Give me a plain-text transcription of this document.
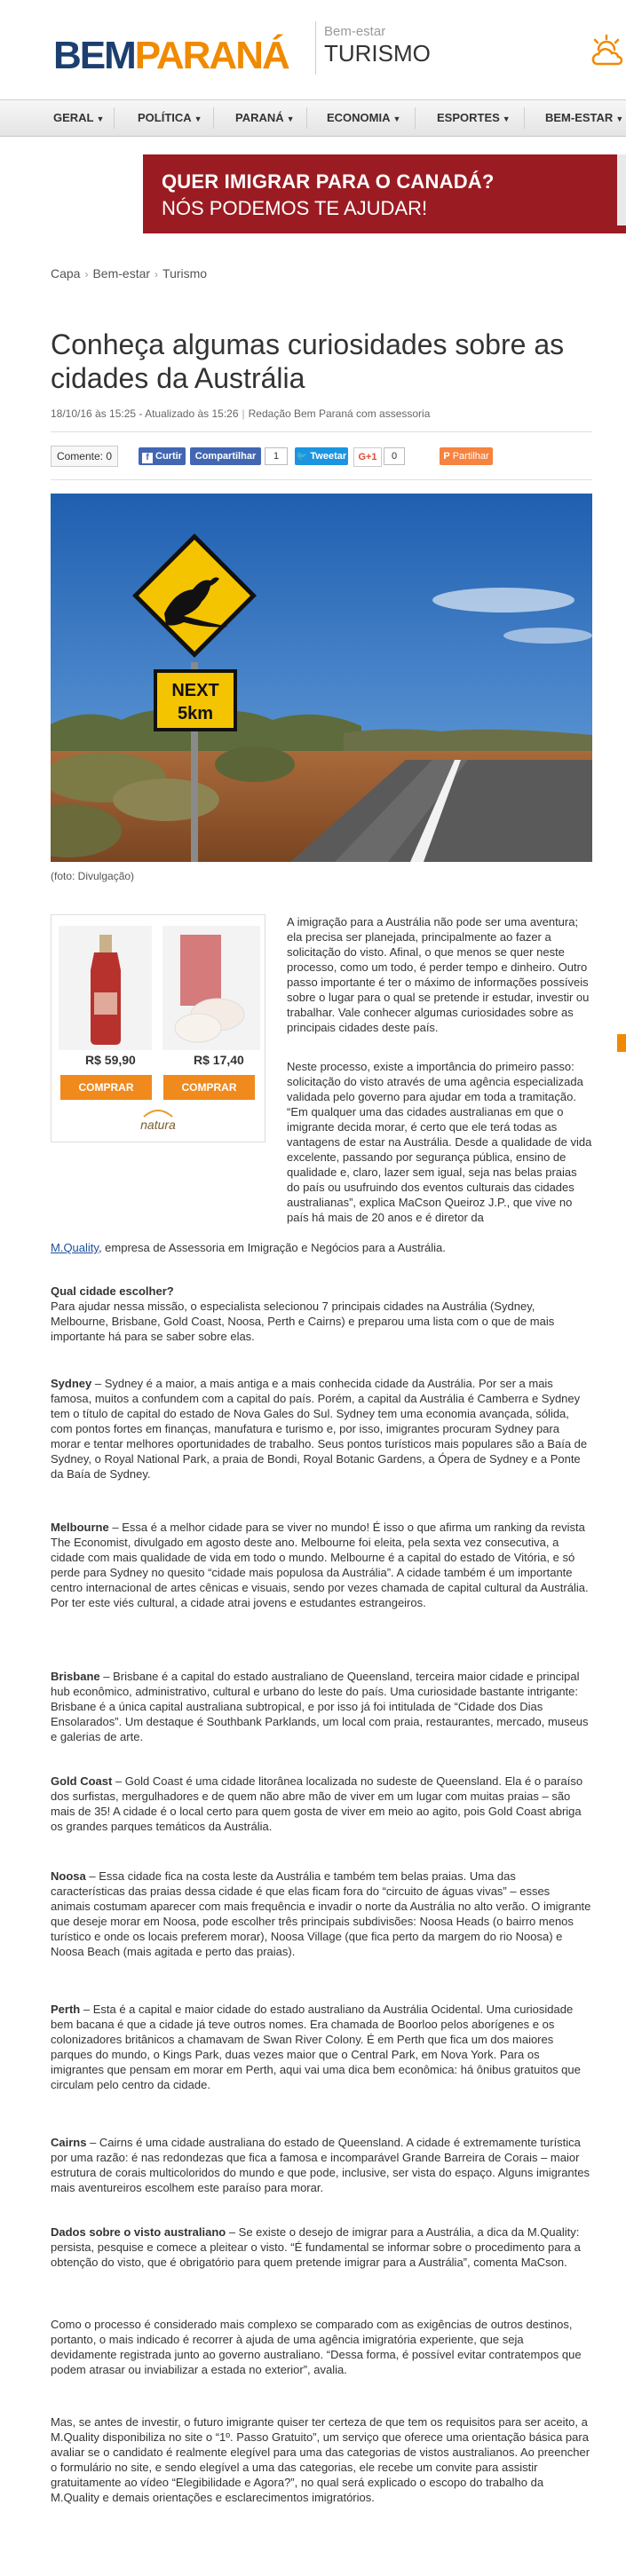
BEM PARANÁ
Bem-estar
TURISMO
GERAL ▼	POLÍTICA ▼	PARANÁ ▼	ECONOMIA ▼	ESPORTES ▼	BEM-ESTAR ▼
QUER IMIGRAR PARA O CANADÁ?
NÓS PODEMOS TE AJUDAR!
Capa › Bem-estar › Turismo
Conheça algumas curiosidades sobre as cidades da Austrália
18/10/16 às 15:25 - Atualizado às 15:26 | Redação Bem Paraná com assessoria
Comente: 0	f Curtir	Compartilhar	1	🐦 Tweetar	G+1	0	P Partilhar
NEXT
5km
(foto: Divulgação)
R$ 59,90	R$ 17,40
COMPRAR	COMPRAR
natura
A imigração para a Austrália não pode ser uma aventura; ela precisa ser planejada, principalmente ao fazer a solicitação do visto. Afinal, o que menos se quer neste processo, como um todo, é perder tempo e dinheiro. Outro passo importante é ter o máximo de informações possíveis sobre o lugar para o qual se pretende ir estudar, investir ou trabalhar. Vale conhecer algumas curiosidades sobre as principais cidades deste país.
Neste processo, existe a importância do primeiro passo: solicitação do visto através de uma agência especializada validada pelo governo para ajudar em toda a tramitação. “Em qualquer uma das cidades australianas em que o imigrante decida morar, é certo que ele terá todas as vantagens de estar na Austrália. Desde a qualidade de vida excelente, passando por segurança pública, ensino de qualidade e, claro, lazer sem igual, seja nas belas praias do país ou usufruindo dos eventos culturais das cidades australianas”, explica MaCson Queiroz J.P., que vive no país há mais de 20 anos e é diretor da
M.Quality, empresa de Assessoria em Imigração e Negócios para a Austrália.
Qual cidade escolher?
Para ajudar nessa missão, o especialista selecionou 7 principais cidades na Austrália (Sydney, Melbourne, Brisbane, Gold Coast, Noosa, Perth e Cairns) e preparou uma lista com o que de mais importante há para se saber sobre elas.
Sydney – Sydney é a maior, a mais antiga e a mais conhecida cidade da Austrália. Por ser a mais famosa, muitos a confundem com a capital do país. Porém, a capital da Austrália é Camberra e Sydney tem o título de capital do estado de Nova Gales do Sul. Sydney tem uma economia avançada, sólida, com pontos fortes em finanças, manufatura e turismo e, por isso, imigrantes procuram Sydney para morar e tentar melhores oportunidades de trabalho. Seus pontos turísticos mais populares são a Baía de Sydney, o Royal National Park, a praia de Bondi, Royal Botanic Gardens, a Ópera de Sydney e a Ponte da Baía de Sydney.
Melbourne – Essa é a melhor cidade para se viver no mundo! É isso o que afirma um ranking da revista The Economist, divulgado em agosto deste ano. Melbourne foi eleita, pela sexta vez consecutiva, a cidade com mais qualidade de vida em todo o mundo. Melbourne é a capital do estado de Vitória, e só perde para Sydney no quesito “cidade mais populosa da Austrália”. A cidade também é um importante centro internacional de artes cênicas e visuais, sendo por vezes chamada de capital cultural da Austrália. Por ter este viés cultural, a cidade atrai jovens e estudantes estrangeiros.
Brisbane – Brisbane é a capital do estado australiano de Queensland, terceira maior cidade e principal hub econômico, administrativo, cultural e urbano do leste do país. Uma curiosidade bastante intrigante: Brisbane é a única capital australiana subtropical, e por isso já foi intitulada de “Cidade dos Dias Ensolarados”. Um destaque é Southbank Parklands, um local com praia, restaurantes, mercado, museus e galerias de arte.
Gold Coast – Gold Coast é uma cidade litorânea localizada no sudeste de Queensland. Ela é o paraíso dos surfistas, mergulhadores e de quem não abre mão de viver em um lugar com muitas praias – são mais de 35! A cidade é o local certo para quem gosta de viver em meio ao agito, pois Gold Coast abriga os grandes parques temáticos da Austrália.
Noosa – Essa cidade fica na costa leste da Austrália e também tem belas praias. Uma das características das praias dessa cidade é que elas ficam fora do “circuito de águas vivas” – esses animais costumam aparecer com mais frequência e invadir o norte da Austrália no alto verão. O imigrante que deseje morar em Noosa, pode escolher três principais subdivisões: Noosa Heads (o bairro menos turístico e onde os locais preferem morar), Noosa Village (que fica perto da margem do rio Noosa) e Noosa Beach (mais agitada e perto das praias).
Perth – Esta é a capital e maior cidade do estado australiano da Austrália Ocidental. Uma curiosidade bem bacana é que a cidade já teve outros nomes. Era chamada de Boorloo pelos aborígenes e os colonizadores britânicos a chamavam de Swan River Colony. É em Perth que fica um dos maiores parques do mundo, o Kings Park, duas vezes maior que o Central Park, em Nova York. Para os imigrantes que pensam em morar em Perth, aqui vai uma dica bem econômica: há ônibus gratuitos que circulam pelo centro da cidade.
Cairns – Cairns é uma cidade australiana do estado de Queensland. A cidade é extremamente turística por uma razão: é nas redondezas que fica a famosa e incomparável Grande Barreira de Corais – maior estrutura de corais multicoloridos do mundo e que pode, inclusive, ser vista do espaço. Alguns imigrantes mais aventureiros escolhem este paraíso para morar.
Dados sobre o visto australiano – Se existe o desejo de imigrar para a Austrália, a dica da M.Quality: persista, pesquise e comece a pleitear o visto. “É fundamental se informar sobre o procedimento para a obtenção do visto, que é obrigatório para quem pretende imigrar para a Austrália”, comenta MaCson.
Como o processo é considerado mais complexo se comparado com as exigências de outros destinos, portanto, o mais indicado é recorrer à ajuda de uma agência imigratória experiente, que seja devidamente registrada junto ao governo australiano. “Dessa forma, é possível evitar contratempos que podem atrasar ou inviabilizar a estada no exterior”, avalia.
Mas, se antes de investir, o futuro imigrante quiser ter certeza de que tem os requisitos para ser aceito, a M.Quality disponibiliza no site o “1º. Passo Gratuito”, um serviço que oferece uma orientação básica para avaliar se o candidato é realmente elegível para uma das categorias de vistos australianos. Ao preencher o formulário no site, e sendo elegível a uma das categorias, ele recebe um convite para assistir gratuitamente ao vídeo “Elegibilidade e Agora?”, no qual será explicado o escopo do trabalho da M.Quality e demais orientações e esclarecimentos imigratórios.
